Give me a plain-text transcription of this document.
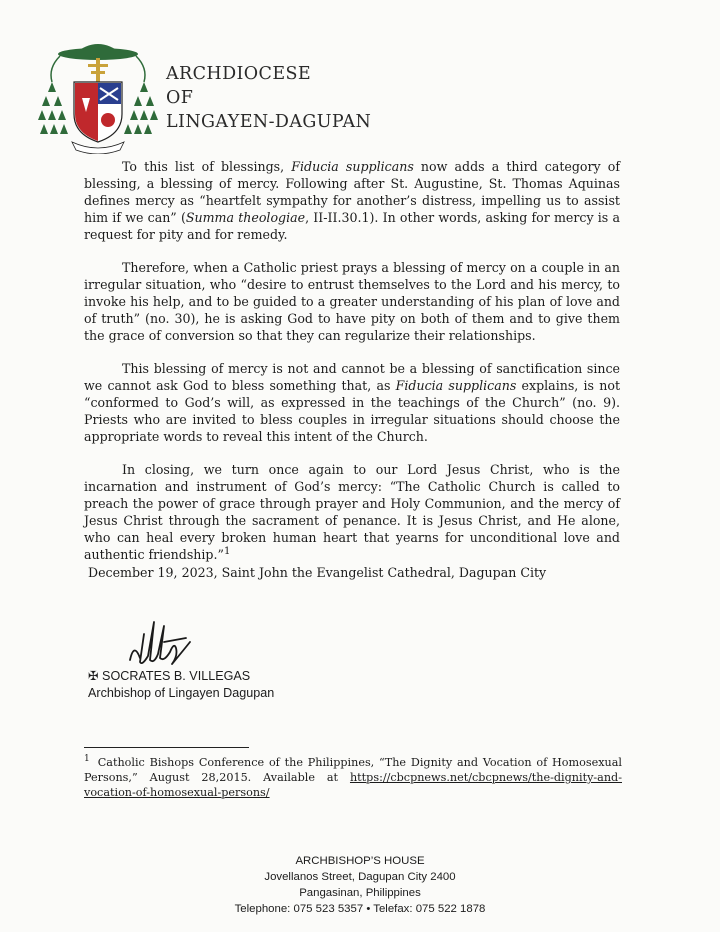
ARCHDIOCESE
OF
LINGAYEN-DAGUPAN

To this list of blessings, Fiducia supplicans now adds a third category of blessing, a blessing of mercy. Following after St. Augustine, St. Thomas Aquinas defines mercy as “heartfelt sympathy for another’s distress, impelling us to assist him if we can” (Summa theologiae, II-II.30.1). In other words, asking for mercy is a request for pity and for remedy.

Therefore, when a Catholic priest prays a blessing of mercy on a couple in an irregular situation, who “desire to entrust themselves to the Lord and his mercy, to invoke his help, and to be guided to a greater understanding of his plan of love and of truth” (no. 30), he is asking God to have pity on both of them and to give them the grace of conversion so that they can regularize their relationships.

This blessing of mercy is not and cannot be a blessing of sanctification since we cannot ask God to bless something that, as Fiducia supplicans explains, is not “conformed to God’s will, as expressed in the teachings of the Church” (no. 9). Priests who are invited to bless couples in irregular situations should choose the appropriate words to reveal this intent of the Church.

In closing, we turn once again to our Lord Jesus Christ, who is the incarnation and instrument of God’s mercy: “The Catholic Church is called to preach the power of grace through prayer and Holy Communion, and the mercy of Jesus Christ through the sacrament of penance. It is Jesus Christ, and He alone, who can heal every broken human heart that yearns for unconditional love and authentic friendship.”$^1$

December 19, 2023, Saint John the Evangelist Cathedral, Dagupan City
✠ SOCRATES B. VILLEGAS
Archbishop of Lingayen Dagupan
$^1$ Catholic Bishops Conference of the Philippines, “The Dignity and Vocation of Homosexual Persons,” August 28,2015. Available at https://cbcpnews.net/cbcpnews/the-dignity-and-vocation-of-homosexual-persons/
ARCHBISHOP’S HOUSE
Jovellanos Street, Dagupan City 2400
Pangasinan, Philippines
Telephone: 075 523 5357 • Telefax: 075 522 1878
